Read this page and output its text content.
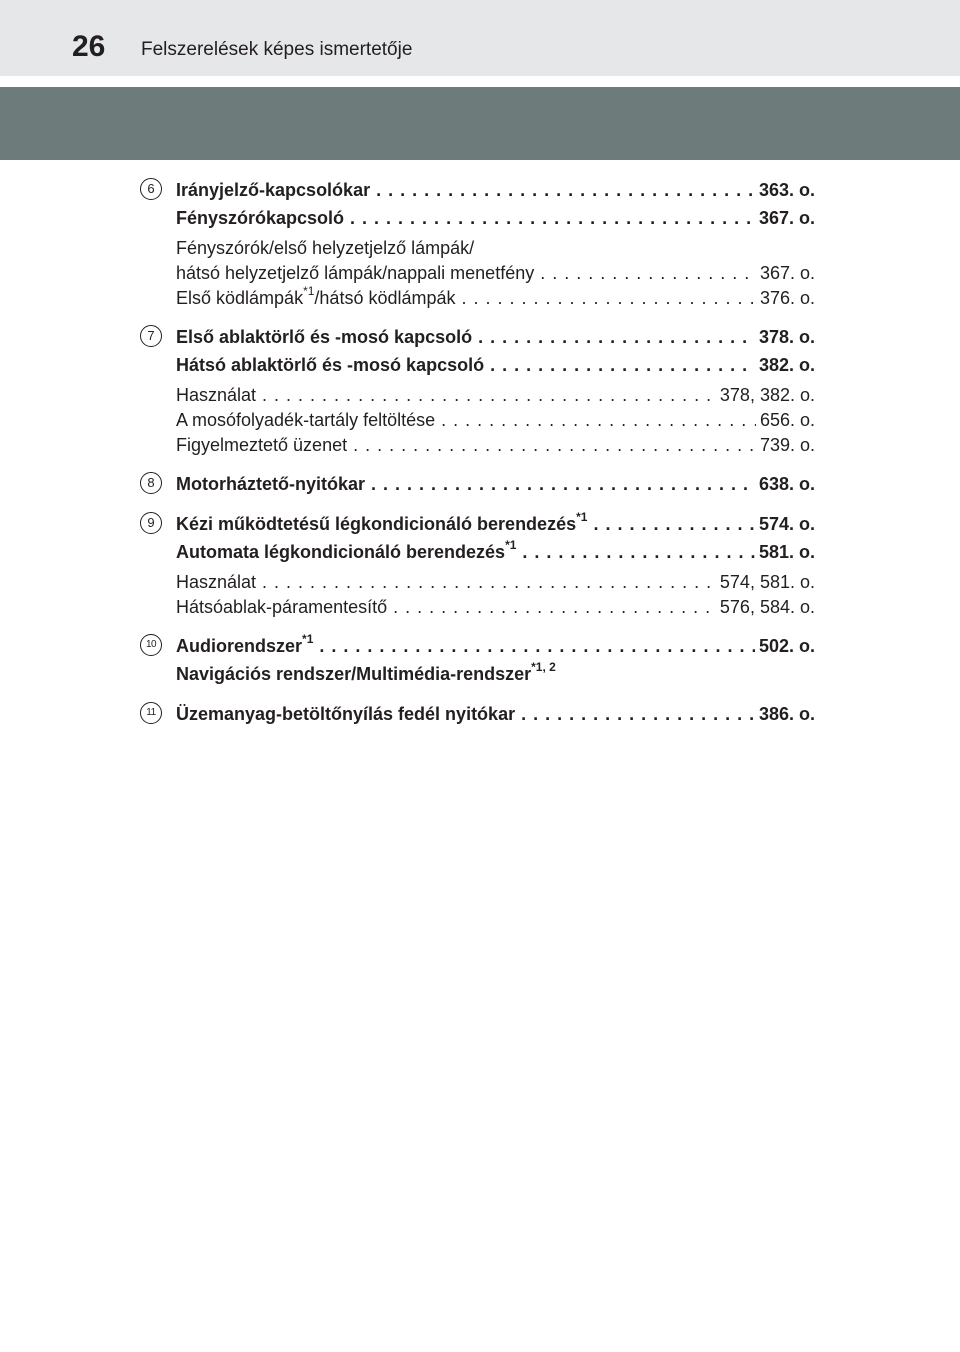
26 Felszerelések képes ismertetője
6	Irányjelző-kapcsolókar . . .	363. o.
Fényszórókapcsoló . . .	367. o.
Fényszórók/első helyzetjelző lámpák/
hátsó helyzetjelző lámpák/nappali menetfény . . .	367. o.
Első ködlámpák$^{*1}$/hátsó ködlámpák . . .	376. o.
7	Első ablaktörlő és -mosó kapcsoló . . .	378. o.
Hátsó ablaktörlő és -mosó kapcsoló . . .	382. o.
Használat . . .	378, 382. o.
A mosófolyadék-tartály feltöltése . . .	656. o.
Figyelmeztető üzenet . . .	739. o.
8	Motorháztető-nyitókar . . .	638. o.
9	Kézi működtetésű légkondicionáló berendezés$^{*1}$ . . .	574. o.
Automata légkondicionáló berendezés$^{*1}$ . . .	581. o.
Használat . . .	574, 581. o.
Hátsóablak-páramentesítő . . .	576, 584. o.
10	Audiorendszer$^{*1}$ . . .	502. o.
Navigációs rendszer/Multimédia-rendszer$^{*1, 2}$
11	Üzemanyag-betöltőnyílás fedél nyitókar . . .	386. o.
